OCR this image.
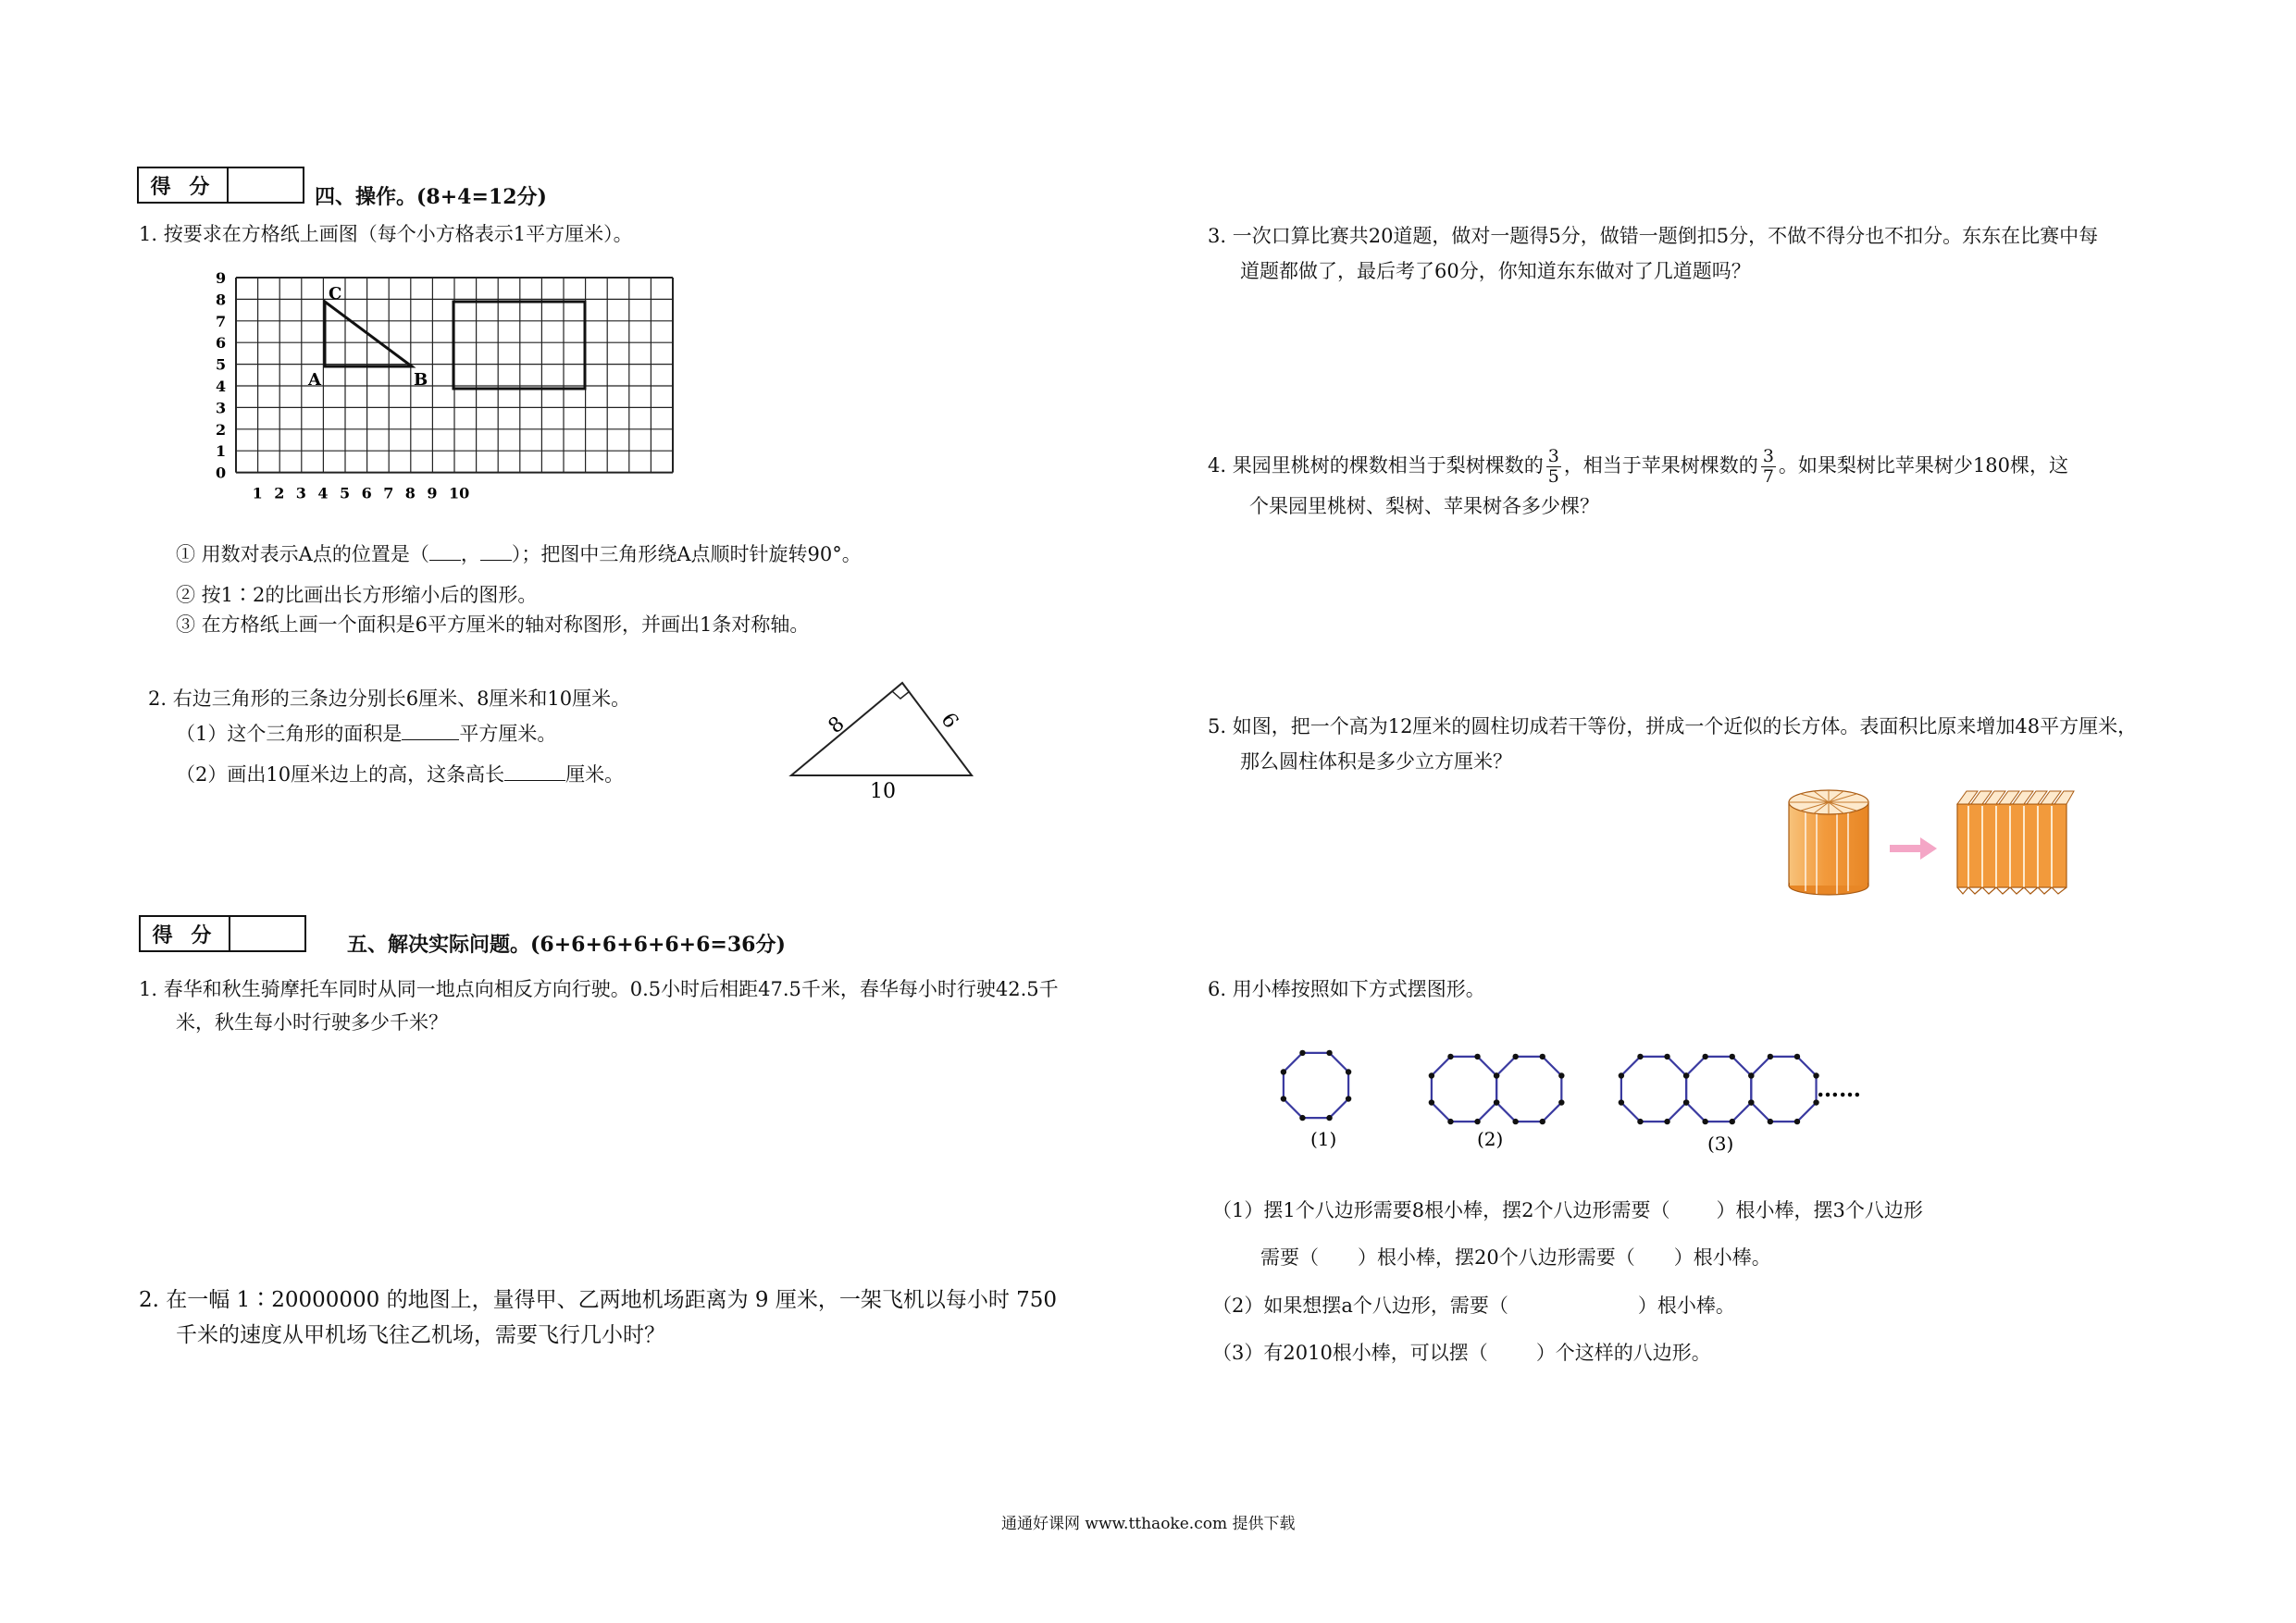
得 分	四、操作。(8+4=12分)
1. 按要求在方格纸上画图（每个小方格表示1平方厘米）。
C
A	B
9
8
7
6
5
4
3
2
1
0
1 2 3 4 5 6 7 8 9 10
① 用数对表示A点的位置是（ ， ）；把图中三角形绕A点顺时针旋转90°。
② 按1∶2的比画出长方形缩小后的图形。
③ 在方格纸上画一个面积是6平方厘米的轴对称图形，并画出1条对称轴。
2. 右边三角形的三条边分别长6厘米、8厘米和10厘米。
（1）这个三角形的面积是	平方厘米。
（2）画出10厘米边上的高，这条高长	厘米。
8	6
10
得 分	五、解决实际问题。(6+6+6+6+6+6=36分)
1. 春华和秋生骑摩托车同时从同一地点向相反方向行驶。0.5小时后相距47.5千米，春华每小时行驶42.5千
米，秋生每小时行驶多少千米？
2. 在一幅 1∶20000000 的地图上，量得甲、乙两地机场距离为 9 厘米，一架飞机以每小时 750
千米的速度从甲机场飞往乙机场，需要飞行几小时？
3. 一次口算比赛共20道题，做对一题得5分，做错一题倒扣5分，不做不得分也不扣分。东东在比赛中每
道题都做了，最后考了60分，你知道东东做对了几道题吗？
4. 果园里桃树的棵数相当于梨树棵数的 $\frac{3}{5}$ ，相当于苹果树棵数的 $\frac{3}{7}$ 。如果梨树比苹果树少180棵，这
个果园里桃树、梨树、苹果树各多少棵？
5. 如图，把一个高为12厘米的圆柱切成若干等份，拼成一个近似的长方体。表面积比原来增加48平方厘米，
那么圆柱体积是多少立方厘米？
6. 用小棒按照如下方式摆图形。
(1)	(2)	(3)
……
（1）摆1个八边形需要8根小棒，摆2个八边形需要（ ）根小棒，摆3个八边形
需要（ ）根小棒，摆20个八边形需要（ ）根小棒。
（2）如果想摆a个八边形，需要（	）根小棒。
（3）有2010根小棒，可以摆（ ）个这样的八边形。
通通好课网 www.tthaoke.com 提供下载
